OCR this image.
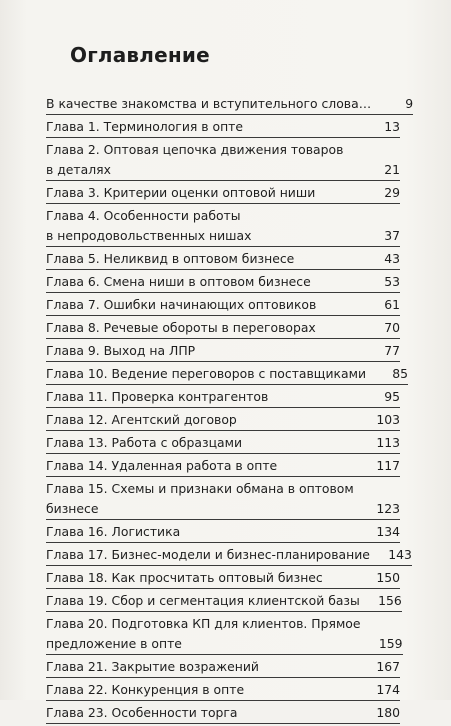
Оглавление
В качестве знакомства и вступительного слова…	9
Глава 1. Терминология в опте	13
Глава 2. Оптовая цепочка движения товаров
в деталях	21
Глава 3. Критерии оценки оптовой ниши	29
Глава 4. Особенности работы
в непродовольственных нишах	37
Глава 5. Неликвид в оптовом бизнесе	43
Глава 6. Смена ниши в оптовом бизнесе	53
Глава 7. Ошибки начинающих оптовиков	61
Глава 8. Речевые обороты в переговорах	70
Глава 9. Выход на ЛПР	77
Глава 10. Ведение переговоров с поставщиками	85
Глава 11. Проверка контрагентов	95
Глава 12. Агентский договор	103
Глава 13. Работа с образцами	113
Глава 14. Удаленная работа в опте	117
Глава 15. Схемы и признаки обмана в оптовом
бизнесе	123
Глава 16. Логистика	134
Глава 17. Бизнес-модели и бизнес-планирование	143
Глава 18. Как просчитать оптовый бизнес	150
Глава 19. Сбор и сегментация клиентской базы	156
Глава 20. Подготовка КП для клиентов. Прямое
предложение в опте	159
Глава 21. Закрытие возражений	167
Глава 22. Конкуренция в опте	174
Глава 23. Особенности торга	180
